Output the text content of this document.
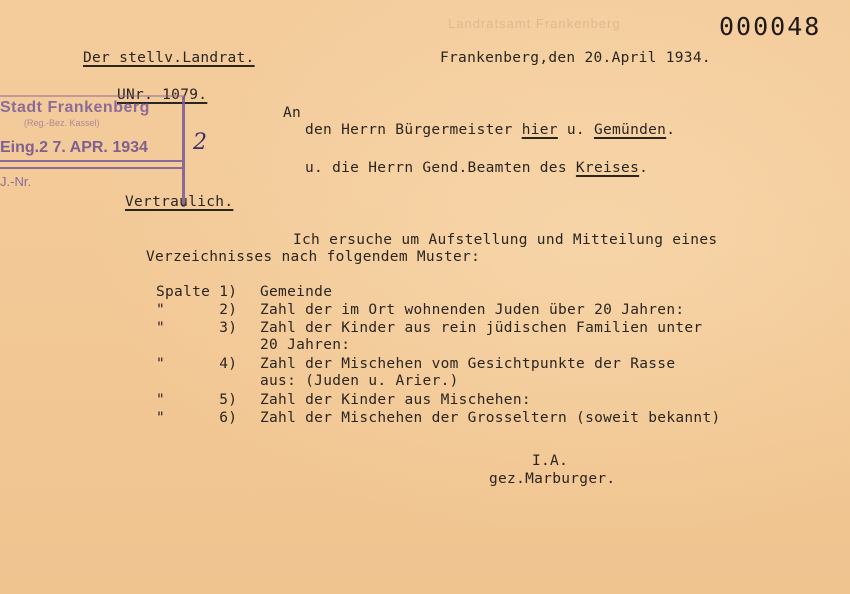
Landratsamt Frankenberg	000048
Der stellv.Landrat.	Frankenberg,den 20.April 1934.
UNr. 1079.
Stadt Frankenberg
(Reg.-Bez. Kassel)
Eing.2 7. APR. 1934
J.-Nr.
2
An
den Herrn Bürgermeister hier u. Gemünden.
u. die Herrn Gend.Beamten des Kreises.
Vertraulich.
Ich ersuche um Aufstellung und Mitteilung eines
Verzeichnisses nach folgendem Muster:
Spalte 1) Gemeinde
"      2) Zahl der im Ort wohnenden Juden über 20 Jahren:
"      3) Zahl der Kinder aus rein jüdischen Familien unter
20 Jahren:
"      4) Zahl der Mischehen vom Gesichtpunkte der Rasse
aus: (Juden u. Arier.)
"      5) Zahl der Kinder aus Mischehen:
"      6) Zahl der Mischehen der Grosseltern (soweit bekannt)
I.A.
gez.Marburger.
